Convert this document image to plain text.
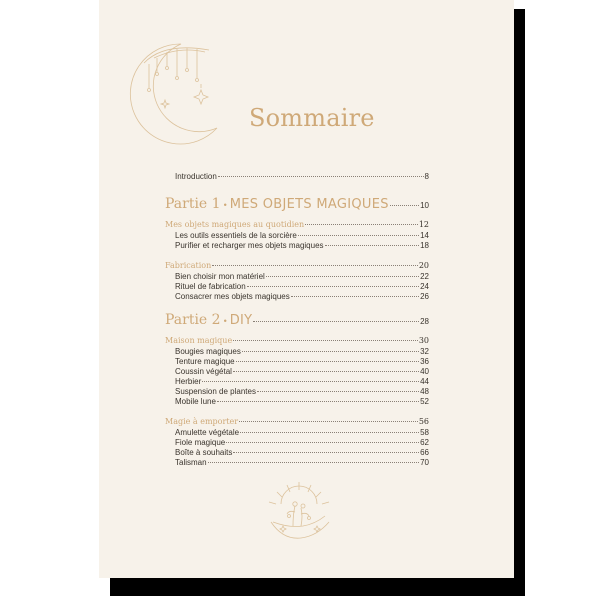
Sommaire
Introduction	8
Partie 1 • MES OBJETS MAGIQUES	10
Mes objets magiques au quotidien	12
Les outils essentiels de la sorcière	14
Purifier et recharger mes objets magiques	18
Fabrication	20
Bien choisir mon matériel	22
Rituel de fabrication	24
Consacrer mes objets magiques	26
Partie 2 • DIY	28
Maison magique	30
Bougies magiques	32
Tenture magique	36
Coussin végétal	40
Herbier	44
Suspension de plantes	48
Mobile lune	52
Magie à emporter	56
Amulette végétale	58
Fiole magique	62
Boîte à souhaits	66
Talisman	70
